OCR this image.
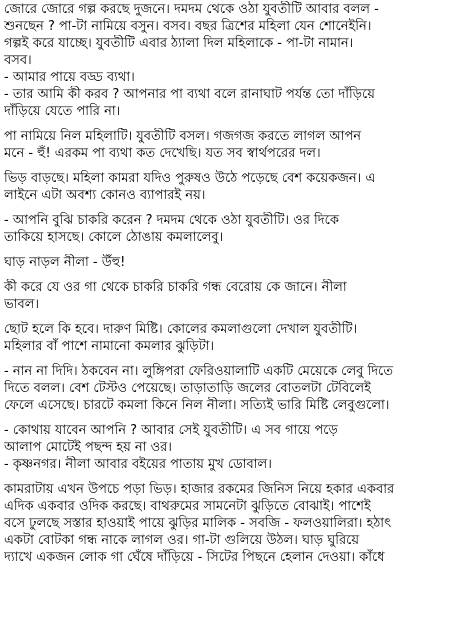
জোরে জোরে গল্প করছে দুজনে। দমদম থেকে ওঠা যুবতীটি আবার বলল -
শুনছেন ? পা-টা নামিয়ে বসুন। বসব। বছর ত্রিশের মহিলা যেন শোনেইনি।
গল্পই করে যাচ্ছে। যুবতীটি এবার ঠ্যালা দিল মহিলাকে - পা-টা নামান।
বসব।
- আমার পায়ে বড্ড ব্যথা।
- তার আমি কী করব ? আপনার পা ব্যথা বলে রানাঘাট পর্যন্ত তো দাঁড়িয়ে
দাঁড়িয়ে যেতে পারি না।
পা নামিয়ে নিল মহিলাটি। যুবতীটি বসল। গজগজ করতে লাগল আপন
মনে - হুঁ! এরকম পা ব্যথা কত দেখেছি। যত সব স্বার্থপরের দল।
ভিড় বাড়ছে। মহিলা কামরা যদিও পুরুষও উঠে পড়েছে বেশ কয়েকজন। এ
লাইনে এটা অবশ্য কোনও ব্যাপারই নয়।
- আপনি বুঝি চাকরি করেন ? দমদম থেকে ওঠা যুবতীটি। ওর দিকে
তাকিয়ে হাসছে। কোলে ঠোঙায় কমলালেবু।
ঘাড় নাড়ল নীলা - উঁহু!
কী করে যে ওর গা থেকে চাকরি চাকরি গন্ধ বেরোয় কে জানে। নীলা
ভাবল।
ছোট হলে কি হবে। দারুণ মিষ্টি। কোলের কমলাগুলো দেখাল যুবতীটি।
মহিলার বাঁ পাশে নামানো কমলার ঝুড়িটা।
- নান না দিদি। ঠকবেন না। লুঙ্গিপরা ফেরিওয়ালাটি একটি মেয়েকে লেবু দিতে
দিতে বলল। বেশ টেস্টও পেয়েছে। তাড়াতাড়ি জলের বোতলটা টেবিলেই
ফেলে এসেছে। চারটে কমলা কিনে নিল নীলা। সত্যিই ভারি মিষ্টি লেবুগুলো।
- কোথায় যাবেন আপনি ? আবার সেই যুবতীটি। এ সব গায়ে পড়ে
আলাপ মোটেই পছন্দ হয় না ওর।
- কৃষ্ণনগর। নীলা আবার বইয়ের পাতায় মুখ ডোবাল।
কামরাটায় এখন উপচে পড়া ভিড়। হাজার রকমের জিনিস নিয়ে হকার একবার
এদিক একবার ওদিক করছে। বাথরুমের সামনেটা ঝুড়িতে বোঝাই। পাশেই
বসে ঢুলছে সস্তার হাওয়াই পায়ে ঝুড়ির মালিক - সবজি - ফলওয়ালিরা। হঠাৎ
একটা বোটকা গন্ধ নাকে লাগল ওর। গা-টা গুলিয়ে উঠল। ঘাড় ঘুরিয়ে
দ্যাখে একজন লোক গা ঘেঁষে দাঁড়িয়ে - সিটের পিছনে হেলান দেওয়া। কাঁধে
